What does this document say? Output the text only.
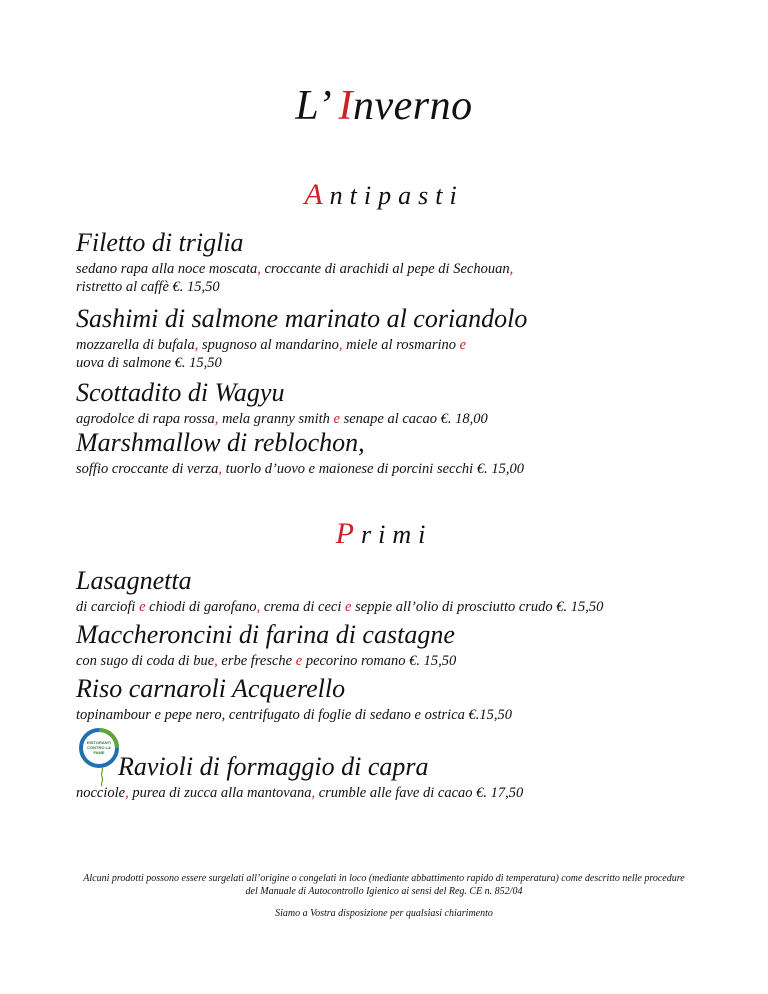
L’ Inverno
Antipasti

Filetto di triglia

sedano rapa alla noce moscata, croccante di arachidi al pepe di Sechouan,
ristretto al caffè €. 15,50

Sashimi di salmone marinato al coriandolo

mozzarella di bufala, spugnoso al mandarino, miele al rosmarino e
uova di salmone €. 15,50

Scottadito di Wagyu

agrodolce di rapa rossa, mela granny smith e senape al cacao €. 18,00

Marshmallow di reblochon,

soffio croccante di verza, tuorlo d’uovo e maionese di porcini secchi €. 15,00

Primi

Lasagnetta

di carciofi e chiodi di garofano, crema di ceci e seppie all’olio di prosciutto crudo €. 15,50

Maccheroncini di farina di castagne

con sugo di coda di bue, erbe fresche e pecorino romano €. 15,50

Riso carnaroli Acquerello

topinambour e pepe nero, centrifugato di foglie di sedano e ostrica €.15,50

RISTORANTI
CONTRO LA
FAME Ravioli di formaggio di capra

nocciole, purea di zucca alla mantovana, crumble alle fave di cacao €. 17,50

Alcuni prodotti possono essere surgelati all’origine o congelati in loco (mediante abbattimento rapido di temperatura) come descritto nelle procedure

del Manuale di Autocontrollo Igienico ai sensi del Reg. CE n. 852/04

Siamo a Vostra disposizione per qualsiasi chiarimento
